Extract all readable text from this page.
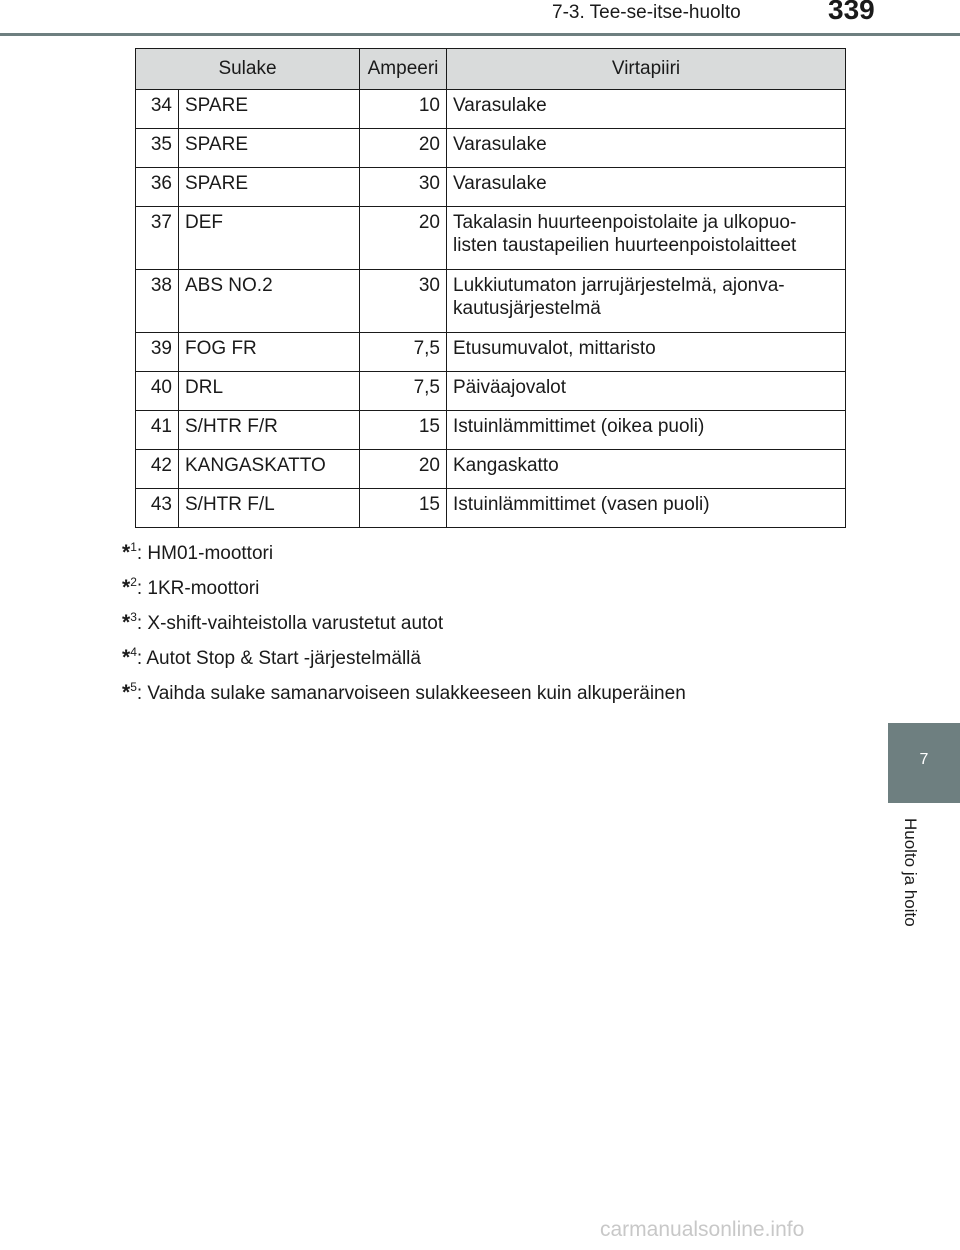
7-3. Tee-se-itse-huolto	339
Sulake		Ampeeri	Virtapiiri
34	SPARE	10	Varasulake
35	SPARE	20	Varasulake
36	SPARE	30	Varasulake
37	DEF	20	Takalasin huurteenpoistolaite ja ulkopuo-
listen taustapeilien huurteenpoistolaitteet
38	ABS NO.2	30	Lukkiutumaton jarrujärjestelmä, ajonva-
kautusjärjestelmä
39	FOG FR	7,5	Etusumuvalot, mittaristo
40	DRL	7,5	Päiväajovalot
41	S/HTR F/R	15	Istuinlämmittimet (oikea puoli)
42	KANGASKATTO	20	Kangaskatto
43	S/HTR F/L	15	Istuinlämmittimet (vasen puoli)
*$^1$: HM01-moottori
*$^2$: 1KR-moottori
*$^3$: X-shift-vaihteistolla varustetut autot
*$^4$: Autot Stop & Start -järjestelmällä
*$^5$: Vaihda sulake samanarvoiseen sulakkeeseen kuin alkuperäinen
7
Huolto ja hoito
carmanualsonline.info
